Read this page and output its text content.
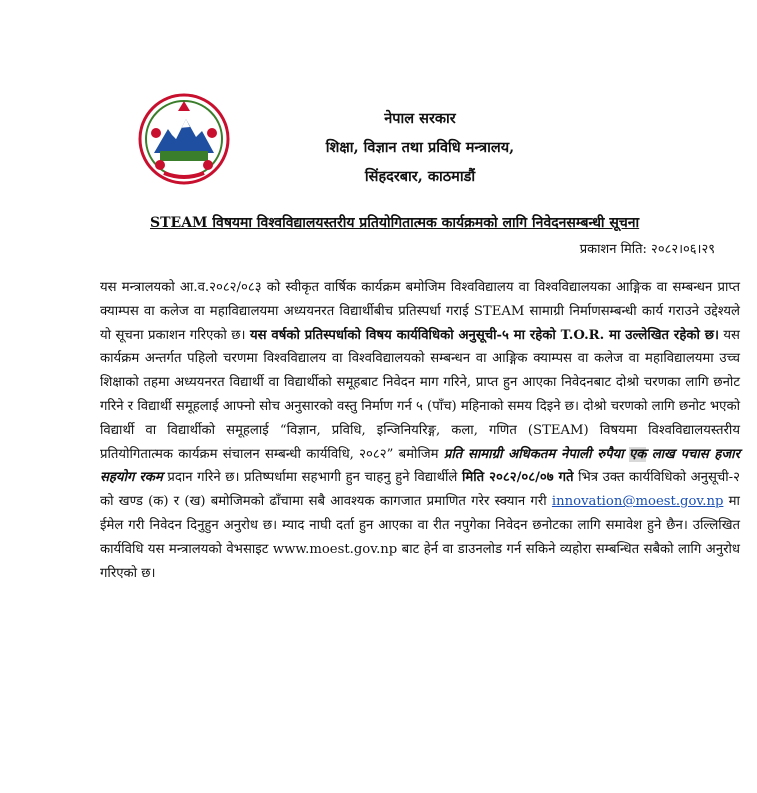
नेपाल सरकार
शिक्षा, विज्ञान तथा प्रविधि मन्त्रालय,
सिंहदरबार, काठमाडौं
STEAM विषयमा विश्वविद्यालयस्तरीय प्रतियोगितात्मक कार्यक्रमको लागि निवेदनसम्बन्धी सूचना
प्रकाशन मिति: २०८२।०६।२९
यस मन्त्रालयको आ.व.२०८२/०८३ को स्वीकृत वार्षिक कार्यक्रम बमोजिम विश्वविद्यालय वा विश्वविद्यालयका आङ्गिक वा सम्बन्धन प्राप्त क्याम्पस वा कलेज वा महाविद्यालयमा अध्ययनरत विद्यार्थीबीच प्रतिस्पर्धा गराई STEAM सामाग्री निर्माणसम्बन्धी कार्य गराउने उद्देश्यले यो सूचना प्रकाशन गरिएको छ। यस वर्षको प्रतिस्पर्धाको विषय कार्यविधिको अनुसूची-५ मा रहेको T.O.R. मा उल्लेखित रहेको छ। यस कार्यक्रम अन्तर्गत पहिलो चरणमा विश्वविद्यालय वा विश्वविद्यालयको सम्बन्धन वा आङ्गिक क्याम्पस वा कलेज वा महाविद्यालयमा उच्च शिक्षाको तहमा अध्ययनरत विद्यार्थी वा विद्यार्थीको समूहबाट निवेदन माग गरिने, प्राप्त हुन आएका निवेदनबाट दोश्रो चरणका लागि छनोट गरिने र विद्यार्थी समूहलाई आफ्नो सोच अनुसारको वस्तु निर्माण गर्न ५ (पाँच) महिनाको समय दिइने छ। दोश्रो चरणको लागि छनोट भएको विद्यार्थी वा विद्यार्थीको समूहलाई “विज्ञान, प्रविधि, इन्जिनियरिङ्ग, कला, गणित (STEAM) विषयमा विश्वविद्यालयस्तरीय प्रतियोगितात्मक कार्यक्रम संचालन सम्बन्धी कार्यविधि, २०८२” बमोजिम प्रति सामाग्री अधिकतम नेपाली रुपैया एक लाख पचास हजार सहयोग रकम प्रदान गरिने छ। प्रतिष्पर्धामा सहभागी हुन चाहनु हुने विद्यार्थीले मिति २०८२/०८/०७ गते भित्र उक्त कार्यविधिको अनुसूची-२ को खण्ड (क) र (ख) बमोजिमको ढाँचामा सबै आवश्यक कागजात प्रमाणित गरेर स्क्यान गरी innovation@moest.gov.np मा ईमेल गरी निवेदन दिनुहुन अनुरोध छ। म्याद नाघी दर्ता हुन आएका वा रीत नपुगेका निवेदन छनोटका लागि समावेश हुने छैन। उल्लिखित कार्यविधि यस मन्त्रालयको वेभसाइट www.moest.gov.np बाट हेर्न वा डाउनलोड गर्न सकिने व्यहोरा सम्बन्धित सबैको लागि अनुरोध गरिएको छ।
